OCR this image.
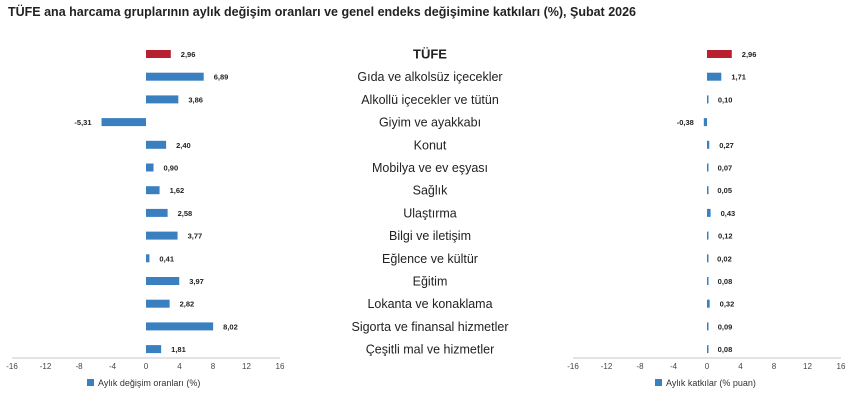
TÜFE ana harcama gruplarının aylık değişim oranları ve genel endeks değişimine katkıları (%), Şubat 2026
-16	-12	-8	-4	0	4	8	12	16
2,96
6,89
3,86
-5,31
2,40
0,90
1,62
2,58
3,77
0,41
3,97
2,82
8,02
1,81
Aylık değişim oranları (%)
-16	-12	-8	-4	0	4	8	12	16
2,96
1,71
0,10
-0,38
0,27
0,07
0,05
0,43
0,12
0,02
0,08
0,32
0,09
0,08
Aylık katkılar (% puan)
TÜFE
Gıda ve alkolsüz içecekler
Alkollü içecekler ve tütün
Giyim ve ayakkabı
Konut
Mobilya ve ev eşyası
Sağlık
Ulaştırma
Bilgi ve iletişim
Eğlence ve kültür
Eğitim
Lokanta ve konaklama
Sigorta ve finansal hizmetler
Çeşitli mal ve hizmetler
